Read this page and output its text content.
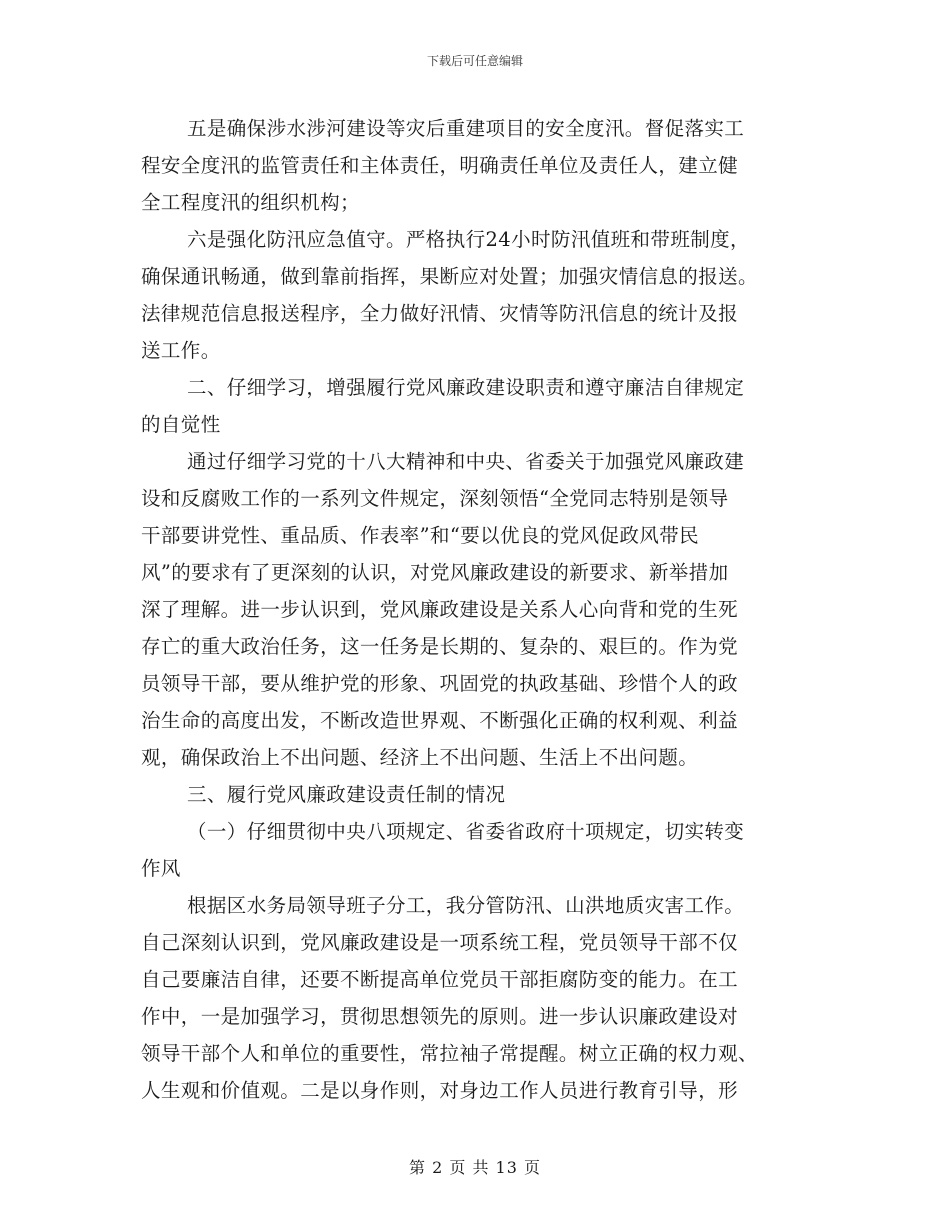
下载后可任意编辑
五是确保涉水涉河建设等灾后重建项目的安全度汛。督促落实工
程安全度汛的监管责任和主体责任，明确责任单位及责任人，建立健
全工程度汛的组织机构；
六是强化防汛应急值守。严格执行24小时防汛值班和带班制度，
确保通讯畅通，做到靠前指挥，果断应对处置；加强灾情信息的报送。
法律规范信息报送程序，全力做好汛情、灾情等防汛信息的统计及报
送工作。
二、仔细学习，增强履行党风廉政建设职责和遵守廉洁自律规定
的自觉性
通过仔细学习党的十八大精神和中央、省委关于加强党风廉政建
设和反腐败工作的一系列文件规定，深刻领悟“全党同志特别是领导
干部要讲党性、重品质、作表率”和“要以优良的党风促政风带民
风”的要求有了更深刻的认识，对党风廉政建设的新要求、新举措加
深了理解。进一步认识到，党风廉政建设是关系人心向背和党的生死
存亡的重大政治任务，这一任务是长期的、复杂的、艰巨的。作为党
员领导干部，要从维护党的形象、巩固党的执政基础、珍惜个人的政
治生命的高度出发，不断改造世界观、不断强化正确的权利观、利益
观，确保政治上不出问题、经济上不出问题、生活上不出问题。
三、履行党风廉政建设责任制的情况
（一）仔细贯彻中央八项规定、省委省政府十项规定，切实转变
作风
根据区水务局领导班子分工，我分管防汛、山洪地质灾害工作。
自己深刻认识到，党风廉政建设是一项系统工程，党员领导干部不仅
自己要廉洁自律，还要不断提高单位党员干部拒腐防变的能力。在工
作中，一是加强学习，贯彻思想领先的原则。进一步认识廉政建设对
领导干部个人和单位的重要性，常拉袖子常提醒。树立正确的权力观、
人生观和价值观。二是以身作则，对身边工作人员进行教育引导，形
第 2 页 共 13 页
